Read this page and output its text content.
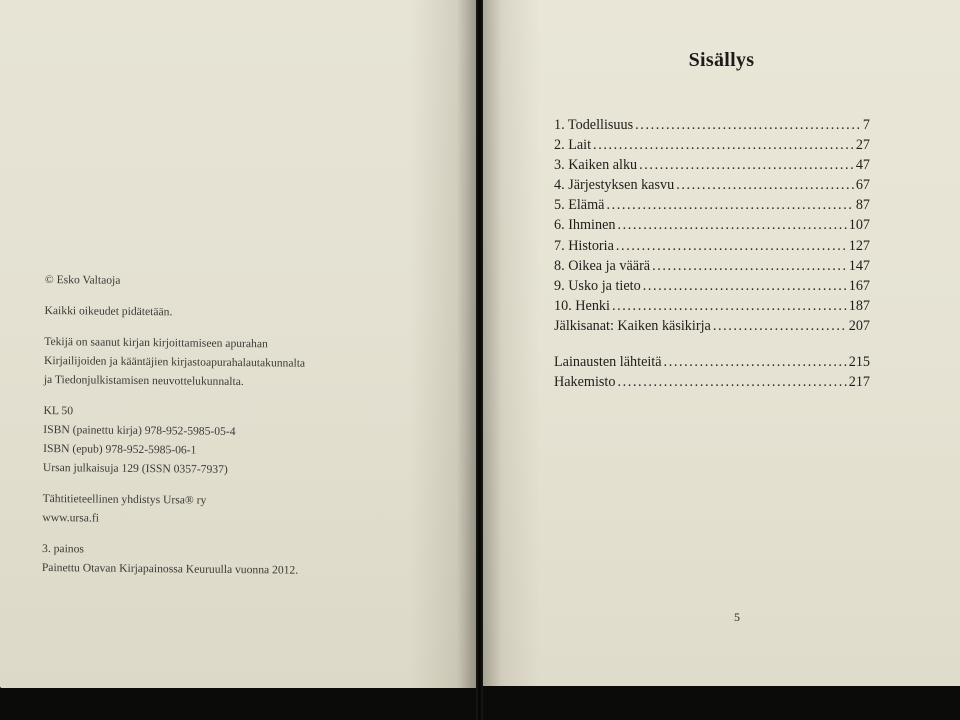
© Esko Valtaoja
Kaikki oikeudet pidätetään.
Tekijä on saanut kirjan kirjoittamiseen apurahan
Kirjailijoiden ja kääntäjien kirjastoapurahalautakunnalta
ja Tiedonjulkistamisen neuvottelukunnalta.
KL 50
ISBN (painettu kirja) 978-952-5985-05-4
ISBN (epub) 978-952-5985-06-1
Ursan julkaisuja 129 (ISSN 0357-7937)
Tähtitieteellinen yhdistys Ursa® ry
www.ursa.fi
3. painos
Painettu Otavan Kirjapainossa Keuruulla vuonna 2012.
Sisällys
1. Todellisuus .....	7
2. Lait .....	27
3. Kaiken alku .....	47
4. Järjestyksen kasvu .....	67
5. Elämä .....	87
6. Ihminen .....	107
7. Historia .....	127
8. Oikea ja väärä .....	147
9. Usko ja tieto .....	167
10. Henki .....	187
Jälkisanat: Kaiken käsikirja .....	207
Lainausten lähteitä .....	215
Hakemisto .....	217
5
